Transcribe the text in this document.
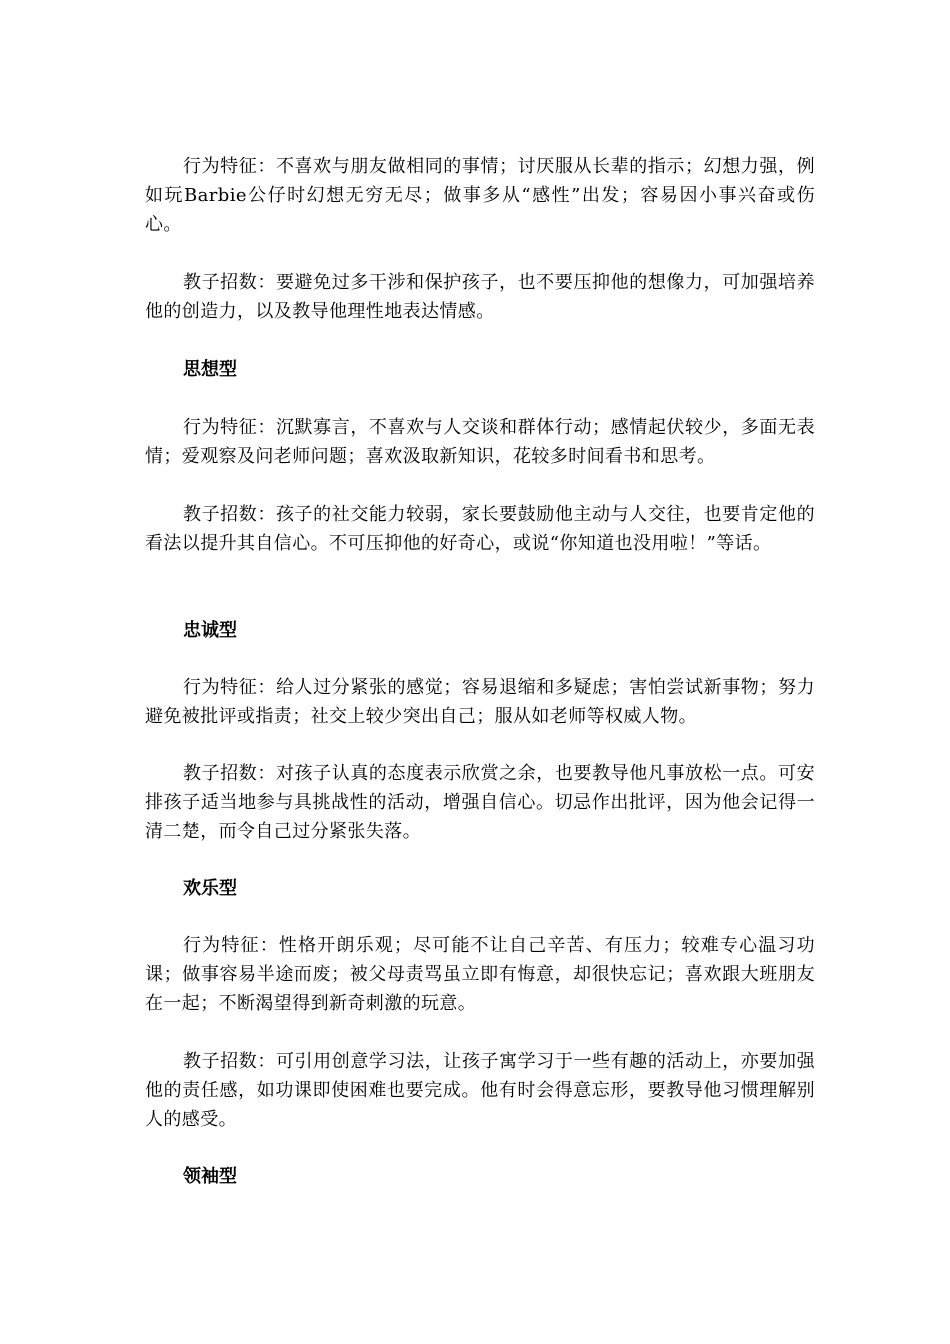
行为特征：不喜欢与朋友做相同的事情；讨厌服从长辈的指示；幻想力强，例如玩Barbie公仔时幻想无穷无尽；做事多从“感性”出发；容易因小事兴奋或伤心。

教子招数：要避免过多干涉和保护孩子，也不要压抑他的想像力，可加强培养他的创造力，以及教导他理性地表达情感。

思想型

行为特征：沉默寡言，不喜欢与人交谈和群体行动；感情起伏较少，多面无表情；爱观察及问老师问题；喜欢汲取新知识，花较多时间看书和思考。

教子招数：孩子的社交能力较弱，家长要鼓励他主动与人交往，也要肯定他的看法以提升其自信心。不可压抑他的好奇心，或说“你知道也没用啦！”等话。

忠诚型

行为特征：给人过分紧张的感觉；容易退缩和多疑虑；害怕尝试新事物；努力避免被批评或指责；社交上较少突出自己；服从如老师等权威人物。

教子招数：对孩子认真的态度表示欣赏之余，也要教导他凡事放松一点。可安排孩子适当地参与具挑战性的活动，增强自信心。切忌作出批评，因为他会记得一清二楚，而令自己过分紧张失落。

欢乐型

行为特征：性格开朗乐观；尽可能不让自己辛苦、有压力；较难专心温习功课；做事容易半途而废；被父母责骂虽立即有悔意，却很快忘记；喜欢跟大班朋友在一起；不断渴望得到新奇刺激的玩意。

教子招数：可引用创意学习法，让孩子寓学习于一些有趣的活动上，亦要加强他的责任感，如功课即使困难也要完成。他有时会得意忘形，要教导他习惯理解别人的感受。

领袖型
